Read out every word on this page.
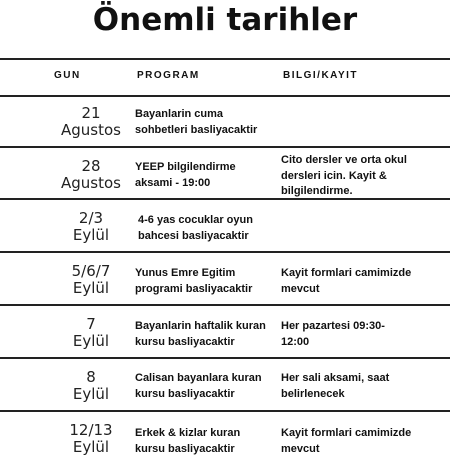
Önemli tarihler
GUN	PROGRAM	BILGI/KAYIT
21
Agustos
Bayanlarin cuma
sohbetleri basliyacaktir
28
Agustos
YEEP bilgilendirme
aksami - 19:00
Cito dersler ve orta okul
dersleri icin. Kayit &
bilgilendirme.
2/3
Eylül
4-6 yas cocuklar oyun
bahcesi basliyacaktir
5/6/7
Eylül
Yunus Emre Egitim
programi basliyacaktir
Kayit formlari camimizde
mevcut
7
Eylül
Bayanlarin haftalik kuran
kursu basliyacaktir
Her pazartesi 09:30-
12:00
8
Eylül
Calisan bayanlara kuran
kursu basliyacaktir
Her sali aksami, saat
belirlenecek
12/13
Eylül
Erkek & kizlar kuran
kursu basliyacaktir
Kayit formlari camimizde
mevcut
